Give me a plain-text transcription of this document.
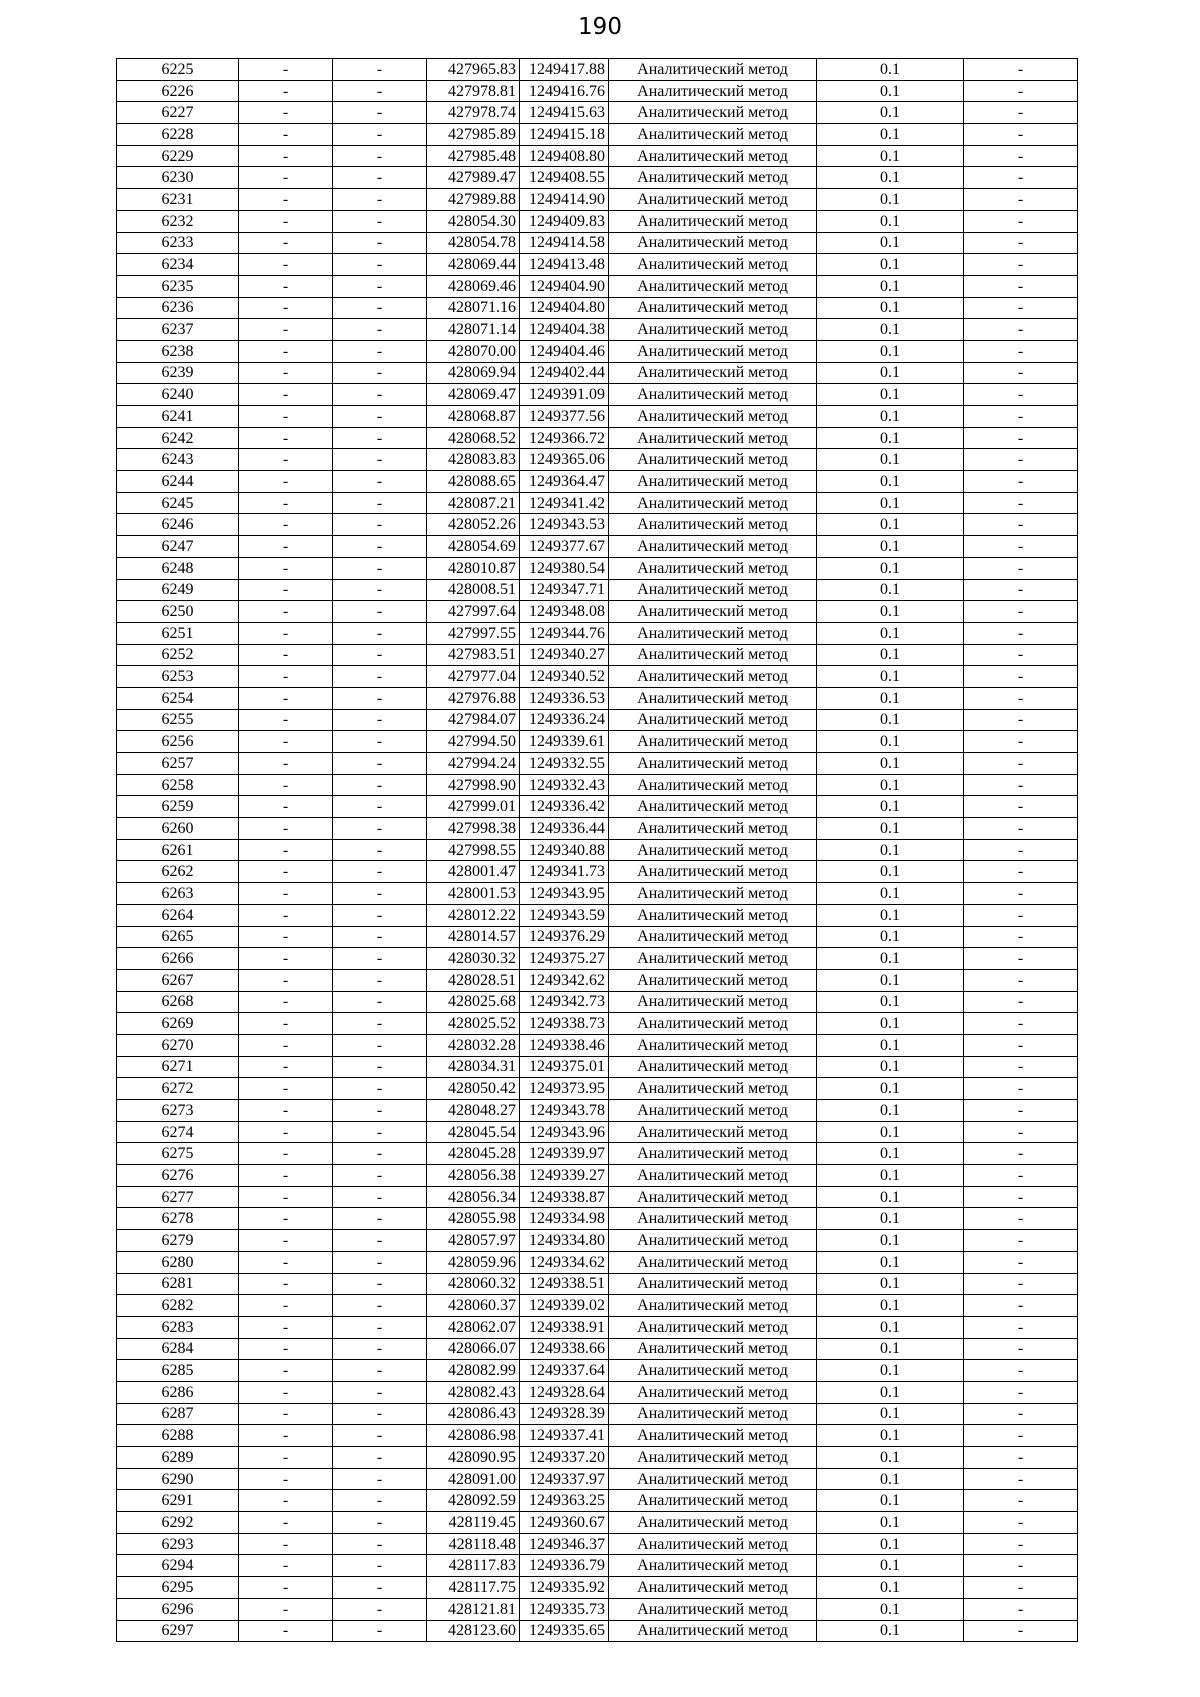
190
6225	-	-	427965.83	1249417.88	Аналитический метод	0.1	-
6226	-	-	427978.81	1249416.76	Аналитический метод	0.1	-
6227	-	-	427978.74	1249415.63	Аналитический метод	0.1	-
6228	-	-	427985.89	1249415.18	Аналитический метод	0.1	-
6229	-	-	427985.48	1249408.80	Аналитический метод	0.1	-
6230	-	-	427989.47	1249408.55	Аналитический метод	0.1	-
6231	-	-	427989.88	1249414.90	Аналитический метод	0.1	-
6232	-	-	428054.30	1249409.83	Аналитический метод	0.1	-
6233	-	-	428054.78	1249414.58	Аналитический метод	0.1	-
6234	-	-	428069.44	1249413.48	Аналитический метод	0.1	-
6235	-	-	428069.46	1249404.90	Аналитический метод	0.1	-
6236	-	-	428071.16	1249404.80	Аналитический метод	0.1	-
6237	-	-	428071.14	1249404.38	Аналитический метод	0.1	-
6238	-	-	428070.00	1249404.46	Аналитический метод	0.1	-
6239	-	-	428069.94	1249402.44	Аналитический метод	0.1	-
6240	-	-	428069.47	1249391.09	Аналитический метод	0.1	-
6241	-	-	428068.87	1249377.56	Аналитический метод	0.1	-
6242	-	-	428068.52	1249366.72	Аналитический метод	0.1	-
6243	-	-	428083.83	1249365.06	Аналитический метод	0.1	-
6244	-	-	428088.65	1249364.47	Аналитический метод	0.1	-
6245	-	-	428087.21	1249341.42	Аналитический метод	0.1	-
6246	-	-	428052.26	1249343.53	Аналитический метод	0.1	-
6247	-	-	428054.69	1249377.67	Аналитический метод	0.1	-
6248	-	-	428010.87	1249380.54	Аналитический метод	0.1	-
6249	-	-	428008.51	1249347.71	Аналитический метод	0.1	-
6250	-	-	427997.64	1249348.08	Аналитический метод	0.1	-
6251	-	-	427997.55	1249344.76	Аналитический метод	0.1	-
6252	-	-	427983.51	1249340.27	Аналитический метод	0.1	-
6253	-	-	427977.04	1249340.52	Аналитический метод	0.1	-
6254	-	-	427976.88	1249336.53	Аналитический метод	0.1	-
6255	-	-	427984.07	1249336.24	Аналитический метод	0.1	-
6256	-	-	427994.50	1249339.61	Аналитический метод	0.1	-
6257	-	-	427994.24	1249332.55	Аналитический метод	0.1	-
6258	-	-	427998.90	1249332.43	Аналитический метод	0.1	-
6259	-	-	427999.01	1249336.42	Аналитический метод	0.1	-
6260	-	-	427998.38	1249336.44	Аналитический метод	0.1	-
6261	-	-	427998.55	1249340.88	Аналитический метод	0.1	-
6262	-	-	428001.47	1249341.73	Аналитический метод	0.1	-
6263	-	-	428001.53	1249343.95	Аналитический метод	0.1	-
6264	-	-	428012.22	1249343.59	Аналитический метод	0.1	-
6265	-	-	428014.57	1249376.29	Аналитический метод	0.1	-
6266	-	-	428030.32	1249375.27	Аналитический метод	0.1	-
6267	-	-	428028.51	1249342.62	Аналитический метод	0.1	-
6268	-	-	428025.68	1249342.73	Аналитический метод	0.1	-
6269	-	-	428025.52	1249338.73	Аналитический метод	0.1	-
6270	-	-	428032.28	1249338.46	Аналитический метод	0.1	-
6271	-	-	428034.31	1249375.01	Аналитический метод	0.1	-
6272	-	-	428050.42	1249373.95	Аналитический метод	0.1	-
6273	-	-	428048.27	1249343.78	Аналитический метод	0.1	-
6274	-	-	428045.54	1249343.96	Аналитический метод	0.1	-
6275	-	-	428045.28	1249339.97	Аналитический метод	0.1	-
6276	-	-	428056.38	1249339.27	Аналитический метод	0.1	-
6277	-	-	428056.34	1249338.87	Аналитический метод	0.1	-
6278	-	-	428055.98	1249334.98	Аналитический метод	0.1	-
6279	-	-	428057.97	1249334.80	Аналитический метод	0.1	-
6280	-	-	428059.96	1249334.62	Аналитический метод	0.1	-
6281	-	-	428060.32	1249338.51	Аналитический метод	0.1	-
6282	-	-	428060.37	1249339.02	Аналитический метод	0.1	-
6283	-	-	428062.07	1249338.91	Аналитический метод	0.1	-
6284	-	-	428066.07	1249338.66	Аналитический метод	0.1	-
6285	-	-	428082.99	1249337.64	Аналитический метод	0.1	-
6286	-	-	428082.43	1249328.64	Аналитический метод	0.1	-
6287	-	-	428086.43	1249328.39	Аналитический метод	0.1	-
6288	-	-	428086.98	1249337.41	Аналитический метод	0.1	-
6289	-	-	428090.95	1249337.20	Аналитический метод	0.1	-
6290	-	-	428091.00	1249337.97	Аналитический метод	0.1	-
6291	-	-	428092.59	1249363.25	Аналитический метод	0.1	-
6292	-	-	428119.45	1249360.67	Аналитический метод	0.1	-
6293	-	-	428118.48	1249346.37	Аналитический метод	0.1	-
6294	-	-	428117.83	1249336.79	Аналитический метод	0.1	-
6295	-	-	428117.75	1249335.92	Аналитический метод	0.1	-
6296	-	-	428121.81	1249335.73	Аналитический метод	0.1	-
6297	-	-	428123.60	1249335.65	Аналитический метод	0.1	-
